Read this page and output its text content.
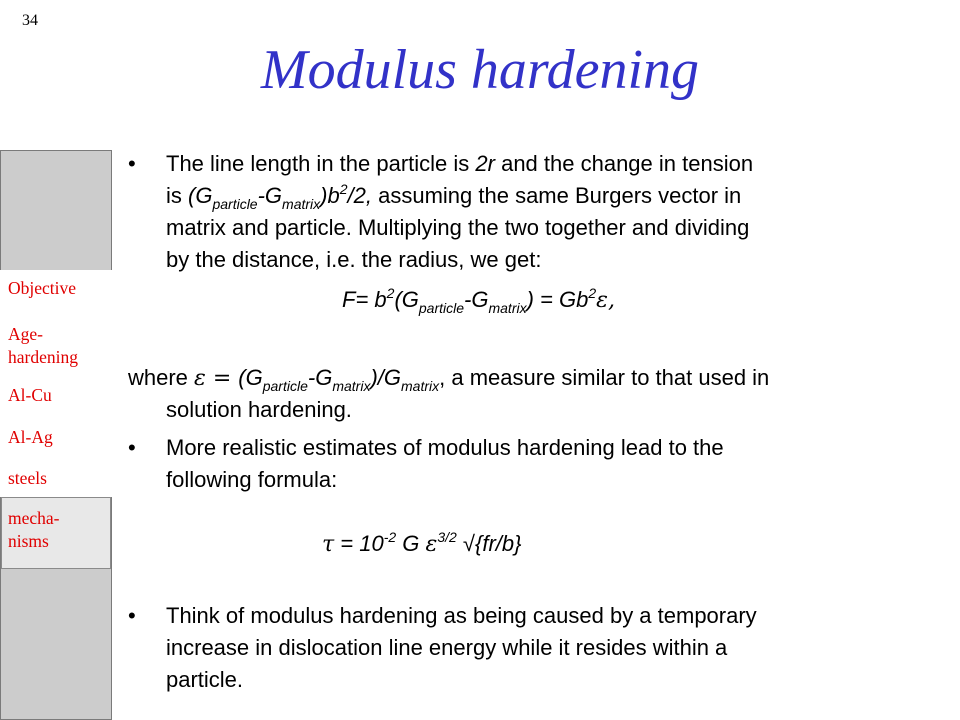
34
Modulus hardening
Objective
Age-
hardening
Al-Cu
Al-Ag
steels
mecha-
nisms
•	The line length in the particle is 2r and the change in tension
is $(G_{particle}-G_{matrix})b^2/2$, assuming the same Burgers vector in
matrix and particle. Multiplying the two together and dividing
by the distance, i.e. the radius, we get:
$F= b^2(G_{particle}-G_{matrix}) = Gb^2\varepsilon$,
where $\varepsilon = (G_{particle}-G_{matrix})/G_{matrix}$, a measure similar to that used in
solution hardening.
•	More realistic estimates of modulus hardening lead to the
following formula:
$\tau = 10^{-2}$ G $\varepsilon^{3/2}$ √{fr/b}
•	Think of modulus hardening as being caused by a temporary
increase in dislocation line energy while it resides within a
particle.
